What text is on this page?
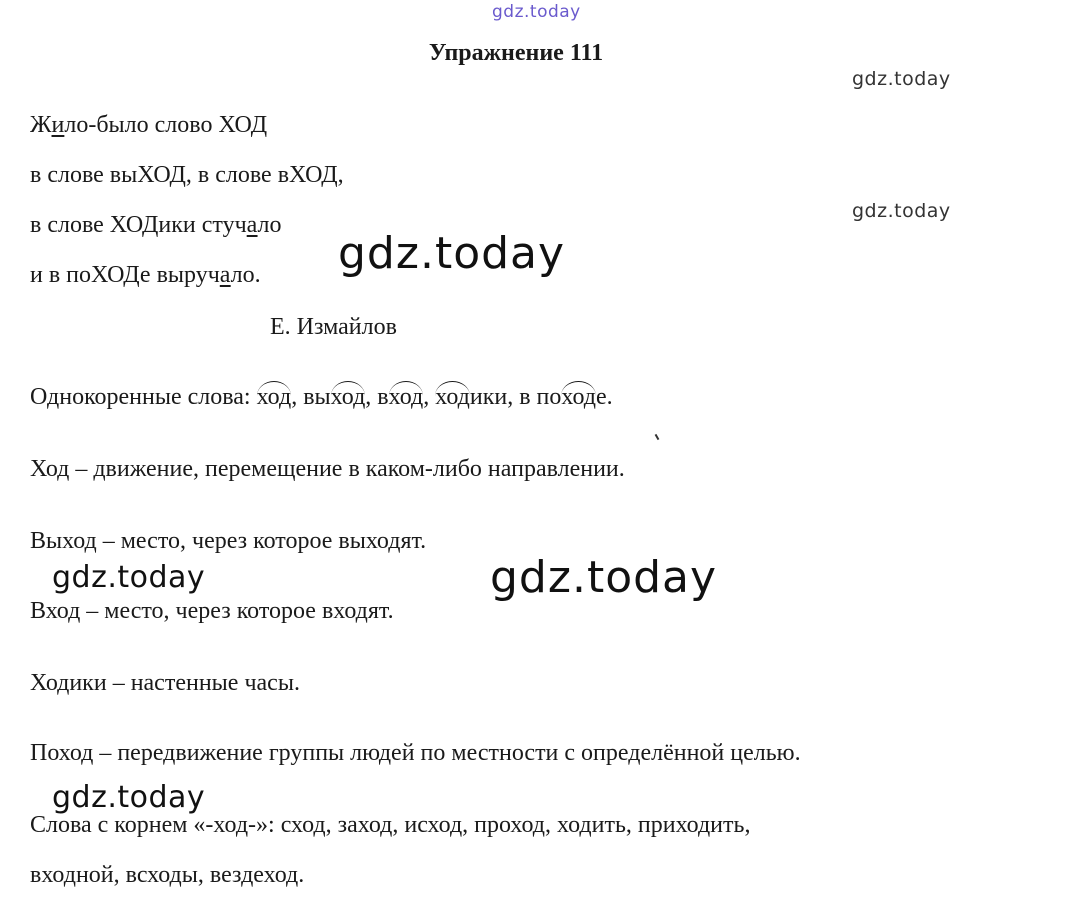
gdz.today
gdz.today
gdz.today
gdz.today
gdz.today	gdz.today
gdz.today
Упражнение 111
Жило-было слово ХОД
в слове выХОД, в слове вХОД,
в слове ХОДики стучало
и в поХОДе выручало.
Е. Измайлов
Однокоренные слова: ход, выход, вход, ходики, в походе.
Ход – движение, перемещение в каком-либо направлении.
Выход – место, через которое выходят.
Вход – место, через которое входят.
Ходики – настенные часы.
Поход – передвижение группы людей по местности с определённой целью.
Слова с корнем «-ход-»: сход, заход, исход, проход, ходить, приходить,
входной, всходы, вездеход.
